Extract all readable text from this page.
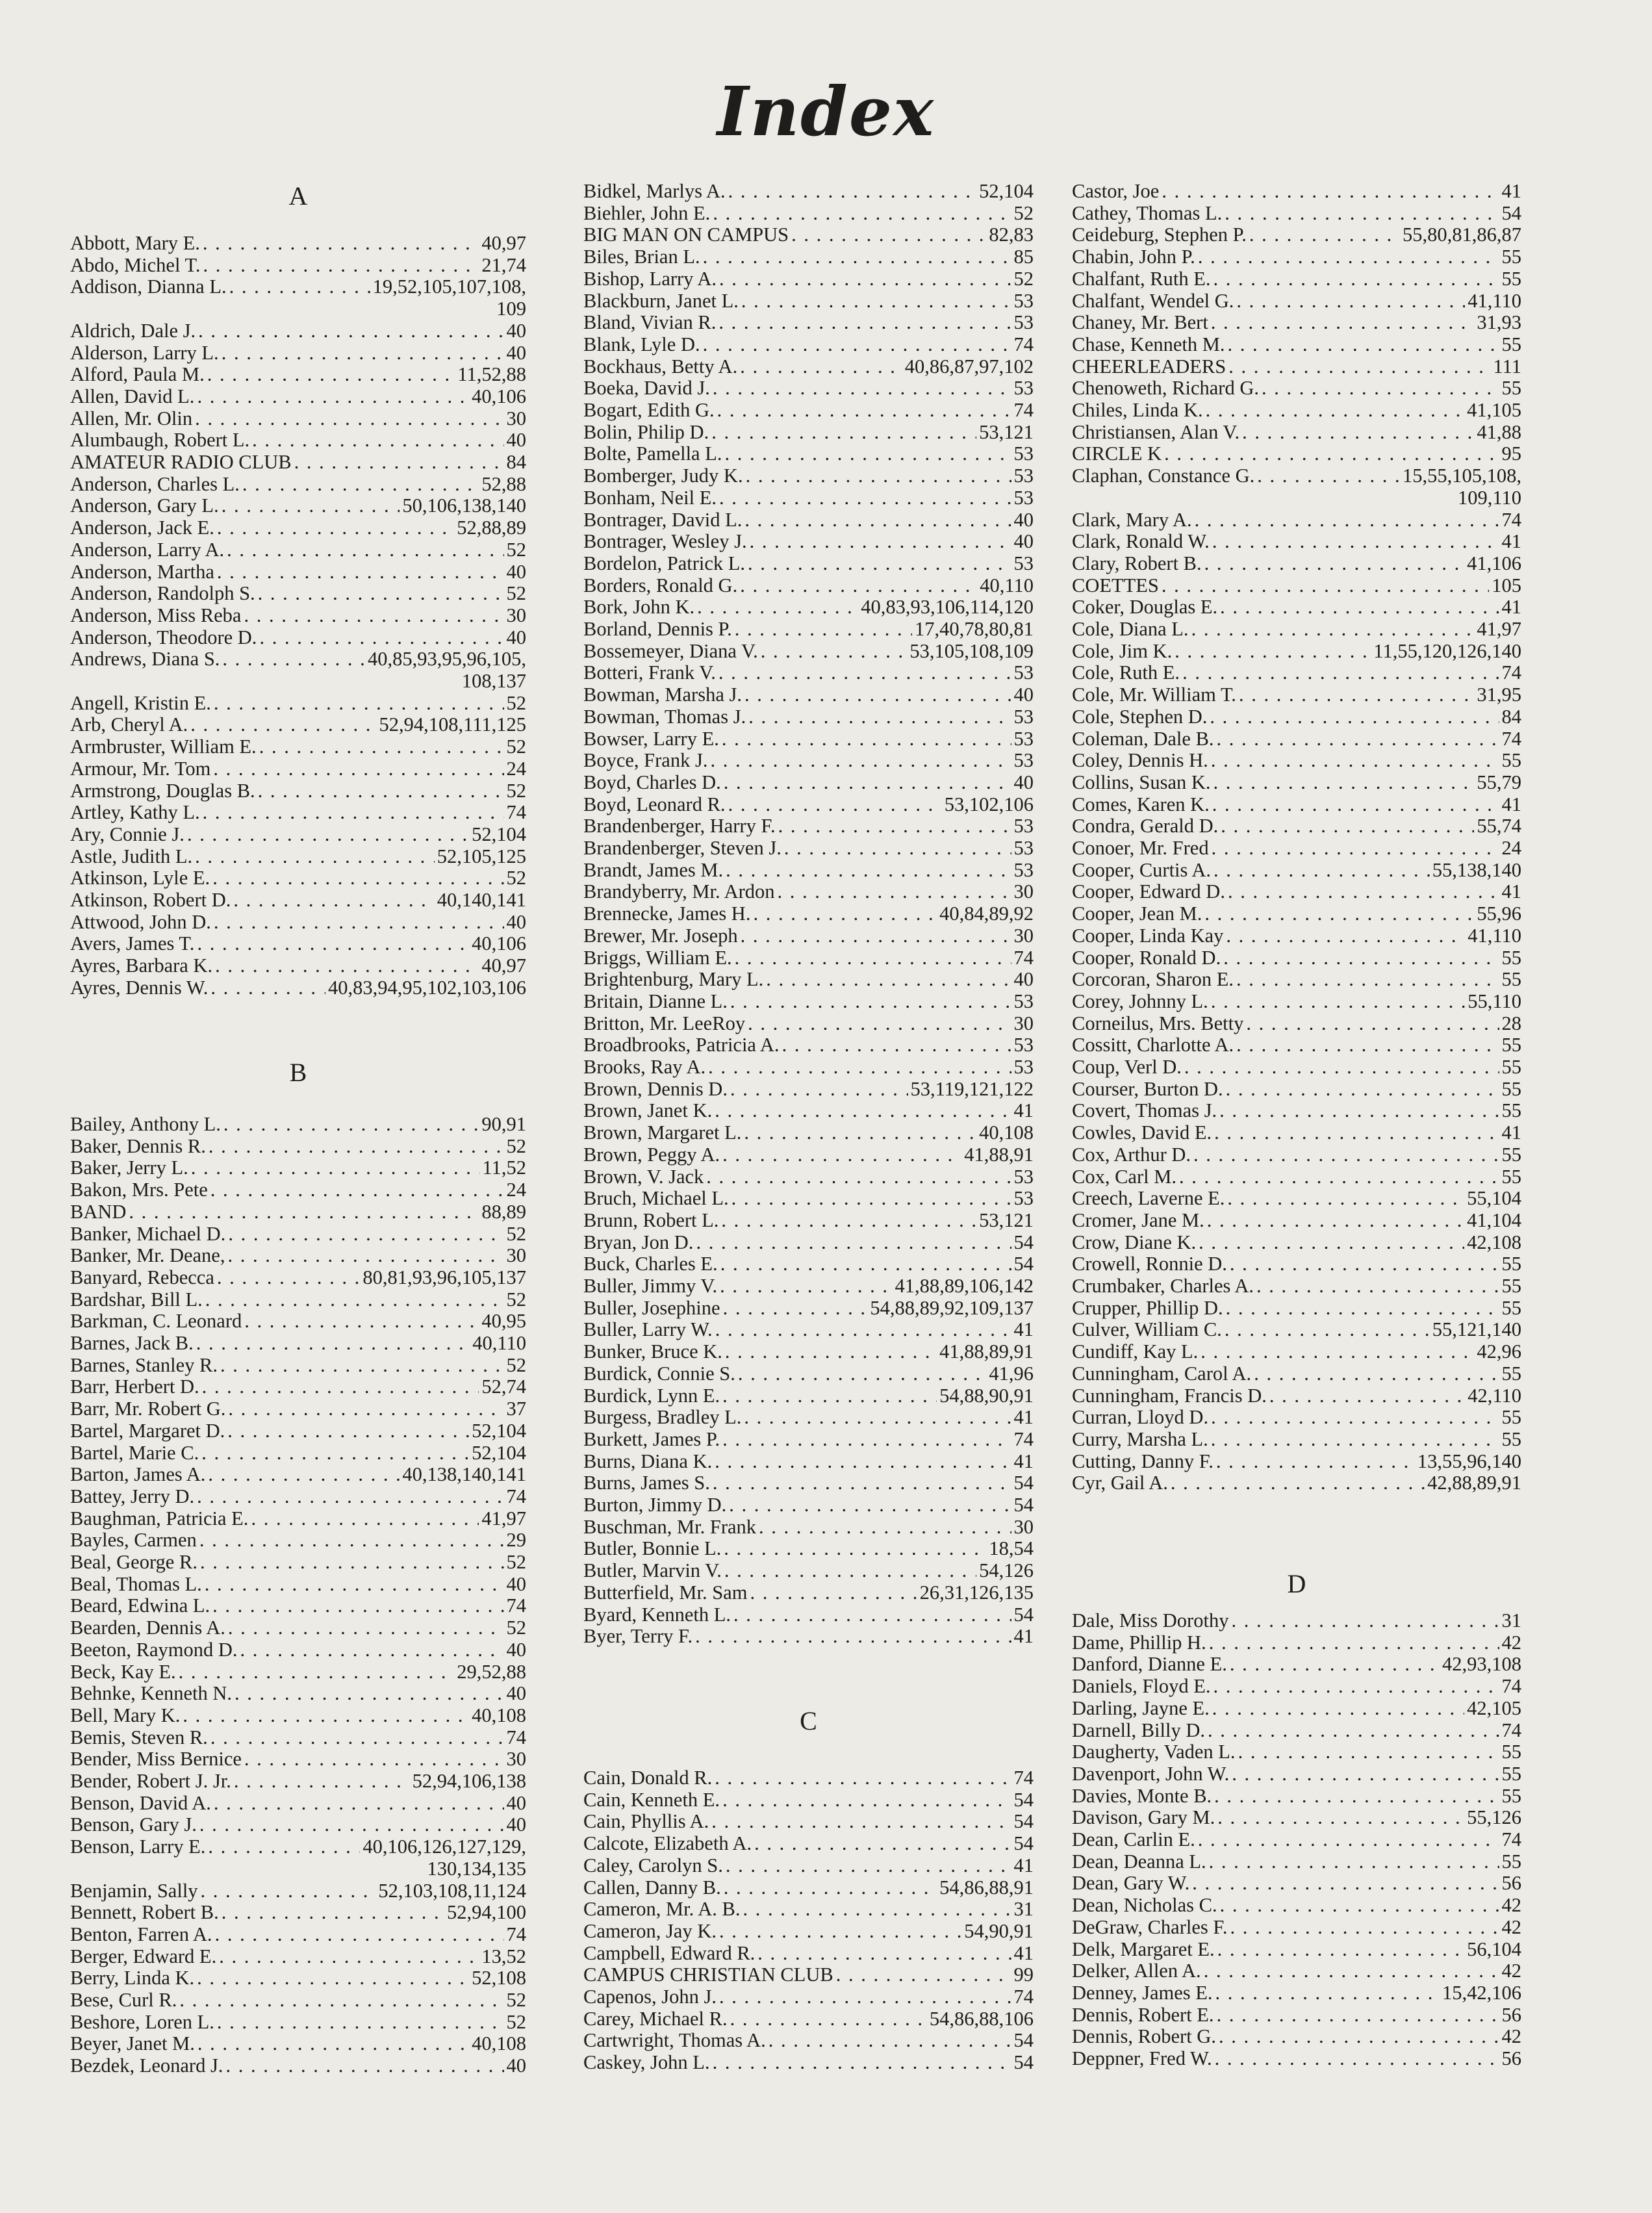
Index
A
Abbott, Mary E. . . .	40,97
Abdo, Michel T. . . .	21,74
Addison, Dianna L. . . .	19,52,105,107,108,
109
Aldrich, Dale J. . . .	40
Alderson, Larry L. . . .	40
Alford, Paula M. . . .	11,52,88
Allen, David L. . . .	40,106
Allen, Mr. Olin . . .	30
Alumbaugh, Robert L. . . .	40
AMATEUR RADIO CLUB . . .	84
Anderson, Charles L. . . .	52,88
Anderson, Gary L. . . .	50,106,138,140
Anderson, Jack E. . . .	52,88,89
Anderson, Larry A. . . .	52
Anderson, Martha . . .	40
Anderson, Randolph S. . . .	52
Anderson, Miss Reba . . .	30
Anderson, Theodore D. . . .	40
Andrews, Diana S. . . .	40,85,93,95,96,105,
108,137
Angell, Kristin E. . . .	52
Arb, Cheryl A. . . .	52,94,108,111,125
Armbruster, William E. . . .	52
Armour, Mr. Tom . . .	24
Armstrong, Douglas B. . . .	52
Artley, Kathy L. . . .	74
Ary, Connie J. . . .	52,104
Astle, Judith L. . . .	52,105,125
Atkinson, Lyle E. . . .	52
Atkinson, Robert D. . . .	40,140,141
Attwood, John D. . . .	40
Avers, James T. . . .	40,106
Ayres, Barbara K. . . .	40,97
Ayres, Dennis W. . . .	40,83,94,95,102,103,106
B
Bailey, Anthony L. . . .	90,91
Baker, Dennis R. . . .	52
Baker, Jerry L. . . .	11,52
Bakon, Mrs. Pete . . .	24
BAND . . .	88,89
Banker, Michael D. . . .	52
Banker, Mr. Deane, . . .	30
Banyard, Rebecca . . .	80,81,93,96,105,137
Bardshar, Bill L. . . .	52
Barkman, C. Leonard . . .	40,95
Barnes, Jack B. . . .	40,110
Barnes, Stanley R. . . .	52
Barr, Herbert D. . . .	52,74
Barr, Mr. Robert G. . . .	37
Bartel, Margaret D. . . .	52,104
Bartel, Marie C. . . .	52,104
Barton, James A. . . .	40,138,140,141
Battey, Jerry D. . . .	74
Baughman, Patricia E. . . .	41,97
Bayles, Carmen . . .	29
Beal, George R. . . .	52
Beal, Thomas L. . . .	40
Beard, Edwina L. . . .	74
Bearden, Dennis A. . . .	52
Beeton, Raymond D. . . .	40
Beck, Kay E. . . .	29,52,88
Behnke, Kenneth N. . . .	40
Bell, Mary K. . . .	40,108
Bemis, Steven R. . . .	74
Bender, Miss Bernice . . .	30
Bender, Robert J. Jr. . . .	52,94,106,138
Benson, David A. . . .	40
Benson, Gary J. . . .	40
Benson, Larry E. . . .	40,106,126,127,129,
130,134,135
Benjamin, Sally . . .	52,103,108,11,124
Bennett, Robert B. . . .	52,94,100
Benton, Farren A. . . .	74
Berger, Edward E. . . .	13,52
Berry, Linda K. . . .	52,108
Bese, Curl R. . . .	52
Beshore, Loren L. . . .	52
Beyer, Janet M. . . .	40,108
Bezdek, Leonard J. . . .	40
Bidkel, Marlys A. . . .	52,104
Biehler, John E. . . .	52
BIG MAN ON CAMPUS . . .	82,83
Biles, Brian L. . . .	85
Bishop, Larry A. . . .	52
Blackburn, Janet L. . . .	53
Bland, Vivian R. . . .	53
Blank, Lyle D. . . .	74
Bockhaus, Betty A. . . .	40,86,87,97,102
Boeka, David J. . . .	53
Bogart, Edith G. . . .	74
Bolin, Philip D. . . .	53,121
Bolte, Pamella L. . . .	53
Bomberger, Judy K. . . .	53
Bonham, Neil E. . . .	53
Bontrager, David L. . . .	40
Bontrager, Wesley J. . . .	40
Bordelon, Patrick L. . . .	53
Borders, Ronald G. . . .	40,110
Bork, John K. . . .	40,83,93,106,114,120
Borland, Dennis P. . . .	17,40,78,80,81
Bossemeyer, Diana V. . . .	53,105,108,109
Botteri, Frank V. . . .	53
Bowman, Marsha J. . . .	40
Bowman, Thomas J. . . .	53
Bowser, Larry E. . . .	53
Boyce, Frank J. . . .	53
Boyd, Charles D. . . .	40
Boyd, Leonard R. . . .	53,102,106
Brandenberger, Harry F. . . .	53
Brandenberger, Steven J. . . .	53
Brandt, James M. . . .	53
Brandyberry, Mr. Ardon . . .	30
Brennecke, James H. . . .	40,84,89,92
Brewer, Mr. Joseph . . .	30
Briggs, William E. . . .	74
Brightenburg, Mary L. . . .	40
Britain, Dianne L. . . .	53
Britton, Mr. LeeRoy . . .	30
Broadbrooks, Patricia A. . . .	53
Brooks, Ray A. . . .	53
Brown, Dennis D. . . .	53,119,121,122
Brown, Janet K. . . .	41
Brown, Margaret L. . . .	40,108
Brown, Peggy A. . . .	41,88,91
Brown, V. Jack . . .	53
Bruch, Michael L. . . .	53
Brunn, Robert L. . . .	53,121
Bryan, Jon D. . . .	54
Buck, Charles E. . . .	54
Buller, Jimmy V. . . .	41,88,89,106,142
Buller, Josephine . . .	54,88,89,92,109,137
Buller, Larry W. . . .	41
Bunker, Bruce K. . . .	41,88,89,91
Burdick, Connie S. . . .	41,96
Burdick, Lynn E. . . .	54,88,90,91
Burgess, Bradley L. . . .	41
Burkett, James P. . . .	74
Burns, Diana K. . . .	41
Burns, James S. . . .	54
Burton, Jimmy D. . . .	54
Buschman, Mr. Frank . . .	30
Butler, Bonnie L. . . .	18,54
Butler, Marvin V. . . .	54,126
Butterfield, Mr. Sam . . .	26,31,126,135
Byard, Kenneth L. . . .	54
Byer, Terry F. . . .	41
C
Cain, Donald R. . . .	74
Cain, Kenneth E. . . .	54
Cain, Phyllis A. . . .	54
Calcote, Elizabeth A. . . .	54
Caley, Carolyn S. . . .	41
Callen, Danny B. . . .	54,86,88,91
Cameron, Mr. A. B. . . .	31
Cameron, Jay K. . . .	54,90,91
Campbell, Edward R. . . .	41
CAMPUS CHRISTIAN CLUB . . .	99
Capenos, John J. . . .	74
Carey, Michael R. . . .	54,86,88,106
Cartwright, Thomas A. . . .	54
Caskey, John L. . . .	54
Castor, Joe . . .	41
Cathey, Thomas L. . . .	54
Ceideburg, Stephen P. . . .	55,80,81,86,87
Chabin, John P. . . .	55
Chalfant, Ruth E. . . .	55
Chalfant, Wendel G. . . .	41,110
Chaney, Mr. Bert . . .	31,93
Chase, Kenneth M. . . .	55
CHEERLEADERS . . .	111
Chenoweth, Richard G. . . .	55
Chiles, Linda K. . . .	41,105
Christiansen, Alan V. . . .	41,88
CIRCLE K . . .	95
Claphan, Constance G. . . .	15,55,105,108,
109,110
Clark, Mary A. . . .	74
Clark, Ronald W. . . .	41
Clary, Robert B. . . .	41,106
COETTES . . .	105
Coker, Douglas E. . . .	41
Cole, Diana L. . . .	41,97
Cole, Jim K. . . .	11,55,120,126,140
Cole, Ruth E. . . .	74
Cole, Mr. William T. . . .	31,95
Cole, Stephen D. . . .	84
Coleman, Dale B. . . .	74
Coley, Dennis H. . . .	55
Collins, Susan K. . . .	55,79
Comes, Karen K. . . .	41
Condra, Gerald D. . . .	55,74
Conoer, Mr. Fred . . .	24
Cooper, Curtis A. . . .	55,138,140
Cooper, Edward D. . . .	41
Cooper, Jean M. . . .	55,96
Cooper, Linda Kay . . .	41,110
Cooper, Ronald D. . . .	55
Corcoran, Sharon E. . . .	55
Corey, Johnny L. . . .	55,110
Corneilus, Mrs. Betty . . .	28
Cossitt, Charlotte A. . . .	55
Coup, Verl D. . . .	55
Courser, Burton D. . . .	55
Covert, Thomas J. . . .	55
Cowles, David E. . . .	41
Cox, Arthur D. . . .	55
Cox, Carl M. . . .	55
Creech, Laverne E. . . .	55,104
Cromer, Jane M. . . .	41,104
Crow, Diane K. . . .	42,108
Crowell, Ronnie D. . . .	55
Crumbaker, Charles A. . . .	55
Crupper, Phillip D. . . .	55
Culver, William C. . . .	55,121,140
Cundiff, Kay L. . . .	42,96
Cunningham, Carol A. . . .	55
Cunningham, Francis D. . . .	42,110
Curran, Lloyd D. . . .	55
Curry, Marsha L. . . .	55
Cutting, Danny F. . . .	13,55,96,140
Cyr, Gail A. . . .	42,88,89,91
D
Dale, Miss Dorothy . . .	31
Dame, Phillip H. . . .	42
Danford, Dianne E. . . .	42,93,108
Daniels, Floyd E. . . .	74
Darling, Jayne E. . . .	42,105
Darnell, Billy D. . . .	74
Daugherty, Vaden L. . . .	55
Davenport, John W. . . .	55
Davies, Monte B. . . .	55
Davison, Gary M. . . .	55,126
Dean, Carlin E. . . .	74
Dean, Deanna L. . . .	55
Dean, Gary W. . . .	56
Dean, Nicholas C. . . .	42
DeGraw, Charles F. . . .	42
Delk, Margaret E. . . .	56,104
Delker, Allen A. . . .	42
Denney, James E. . . .	15,42,106
Dennis, Robert E. . . .	56
Dennis, Robert G. . . .	42
Deppner, Fred W. . . .	56
